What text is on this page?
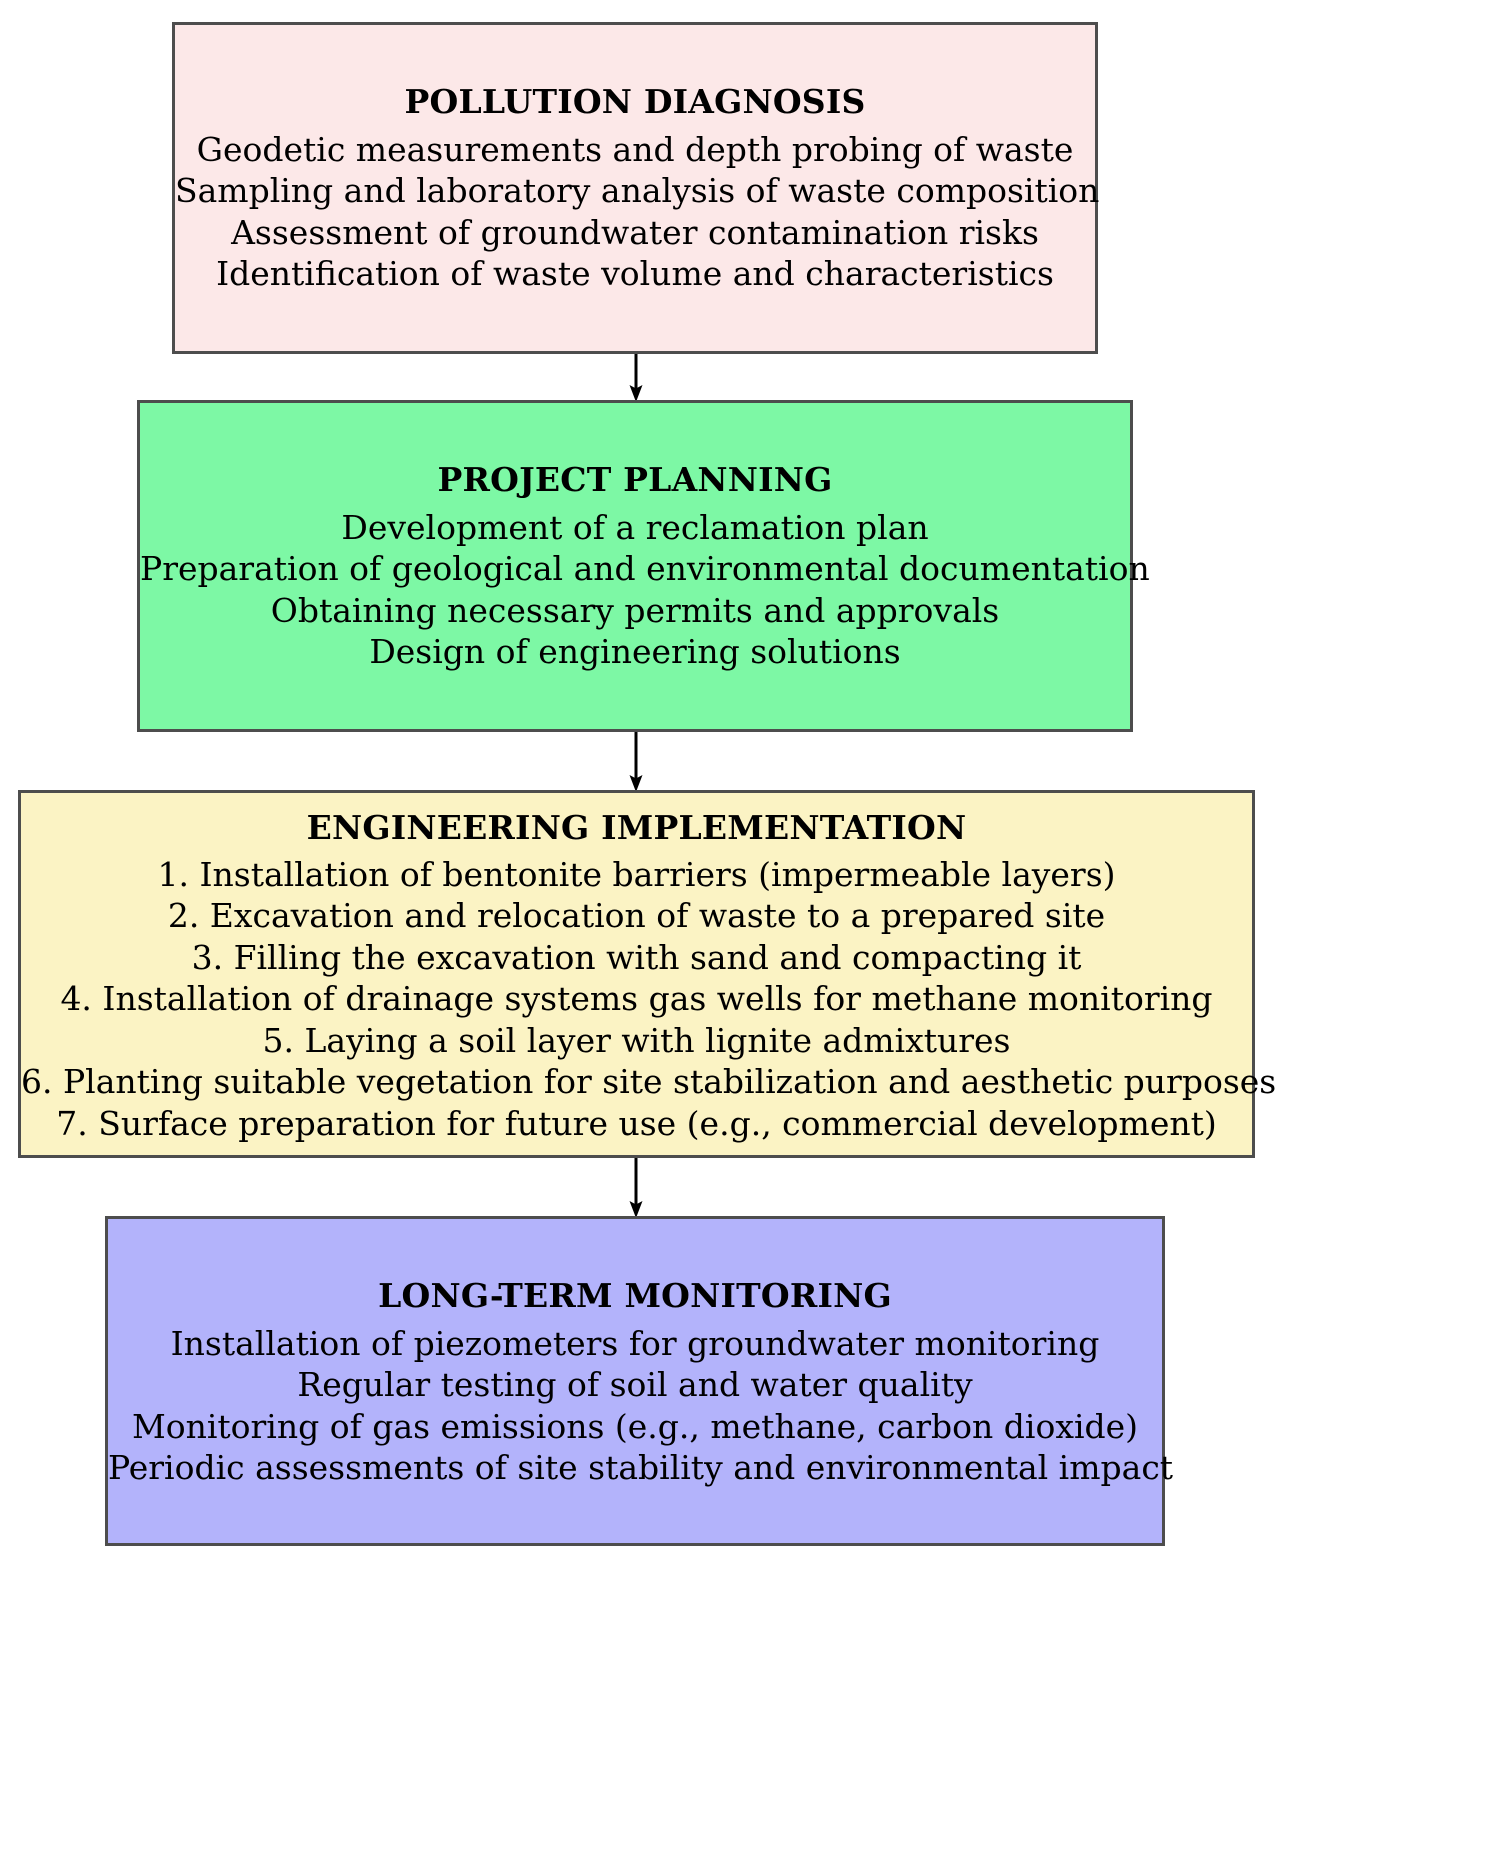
POLLUTION DIAGNOSIS
Geodetic measurements and depth probing of waste
Sampling and laboratory analysis of waste composition
Assessment of groundwater contamination risks
Identification of waste volume and characteristics
PROJECT PLANNING
Development of a reclamation plan
Preparation of geological and environmental documentation
Obtaining necessary permits and approvals
Design of engineering solutions
ENGINEERING IMPLEMENTATION
1. Installation of bentonite barriers (impermeable layers)
2. Excavation and relocation of waste to a prepared site
3. Filling the excavation with sand and compacting it
4. Installation of drainage systems gas wells for methane monitoring
5. Laying a soil layer with lignite admixtures
6. Planting suitable vegetation for site stabilization and aesthetic purposes
7. Surface preparation for future use (e.g., commercial development)
LONG-TERM MONITORING
Installation of piezometers for groundwater monitoring
Regular testing of soil and water quality
Monitoring of gas emissions (e.g., methane, carbon dioxide)
Periodic assessments of site stability and environmental impact
